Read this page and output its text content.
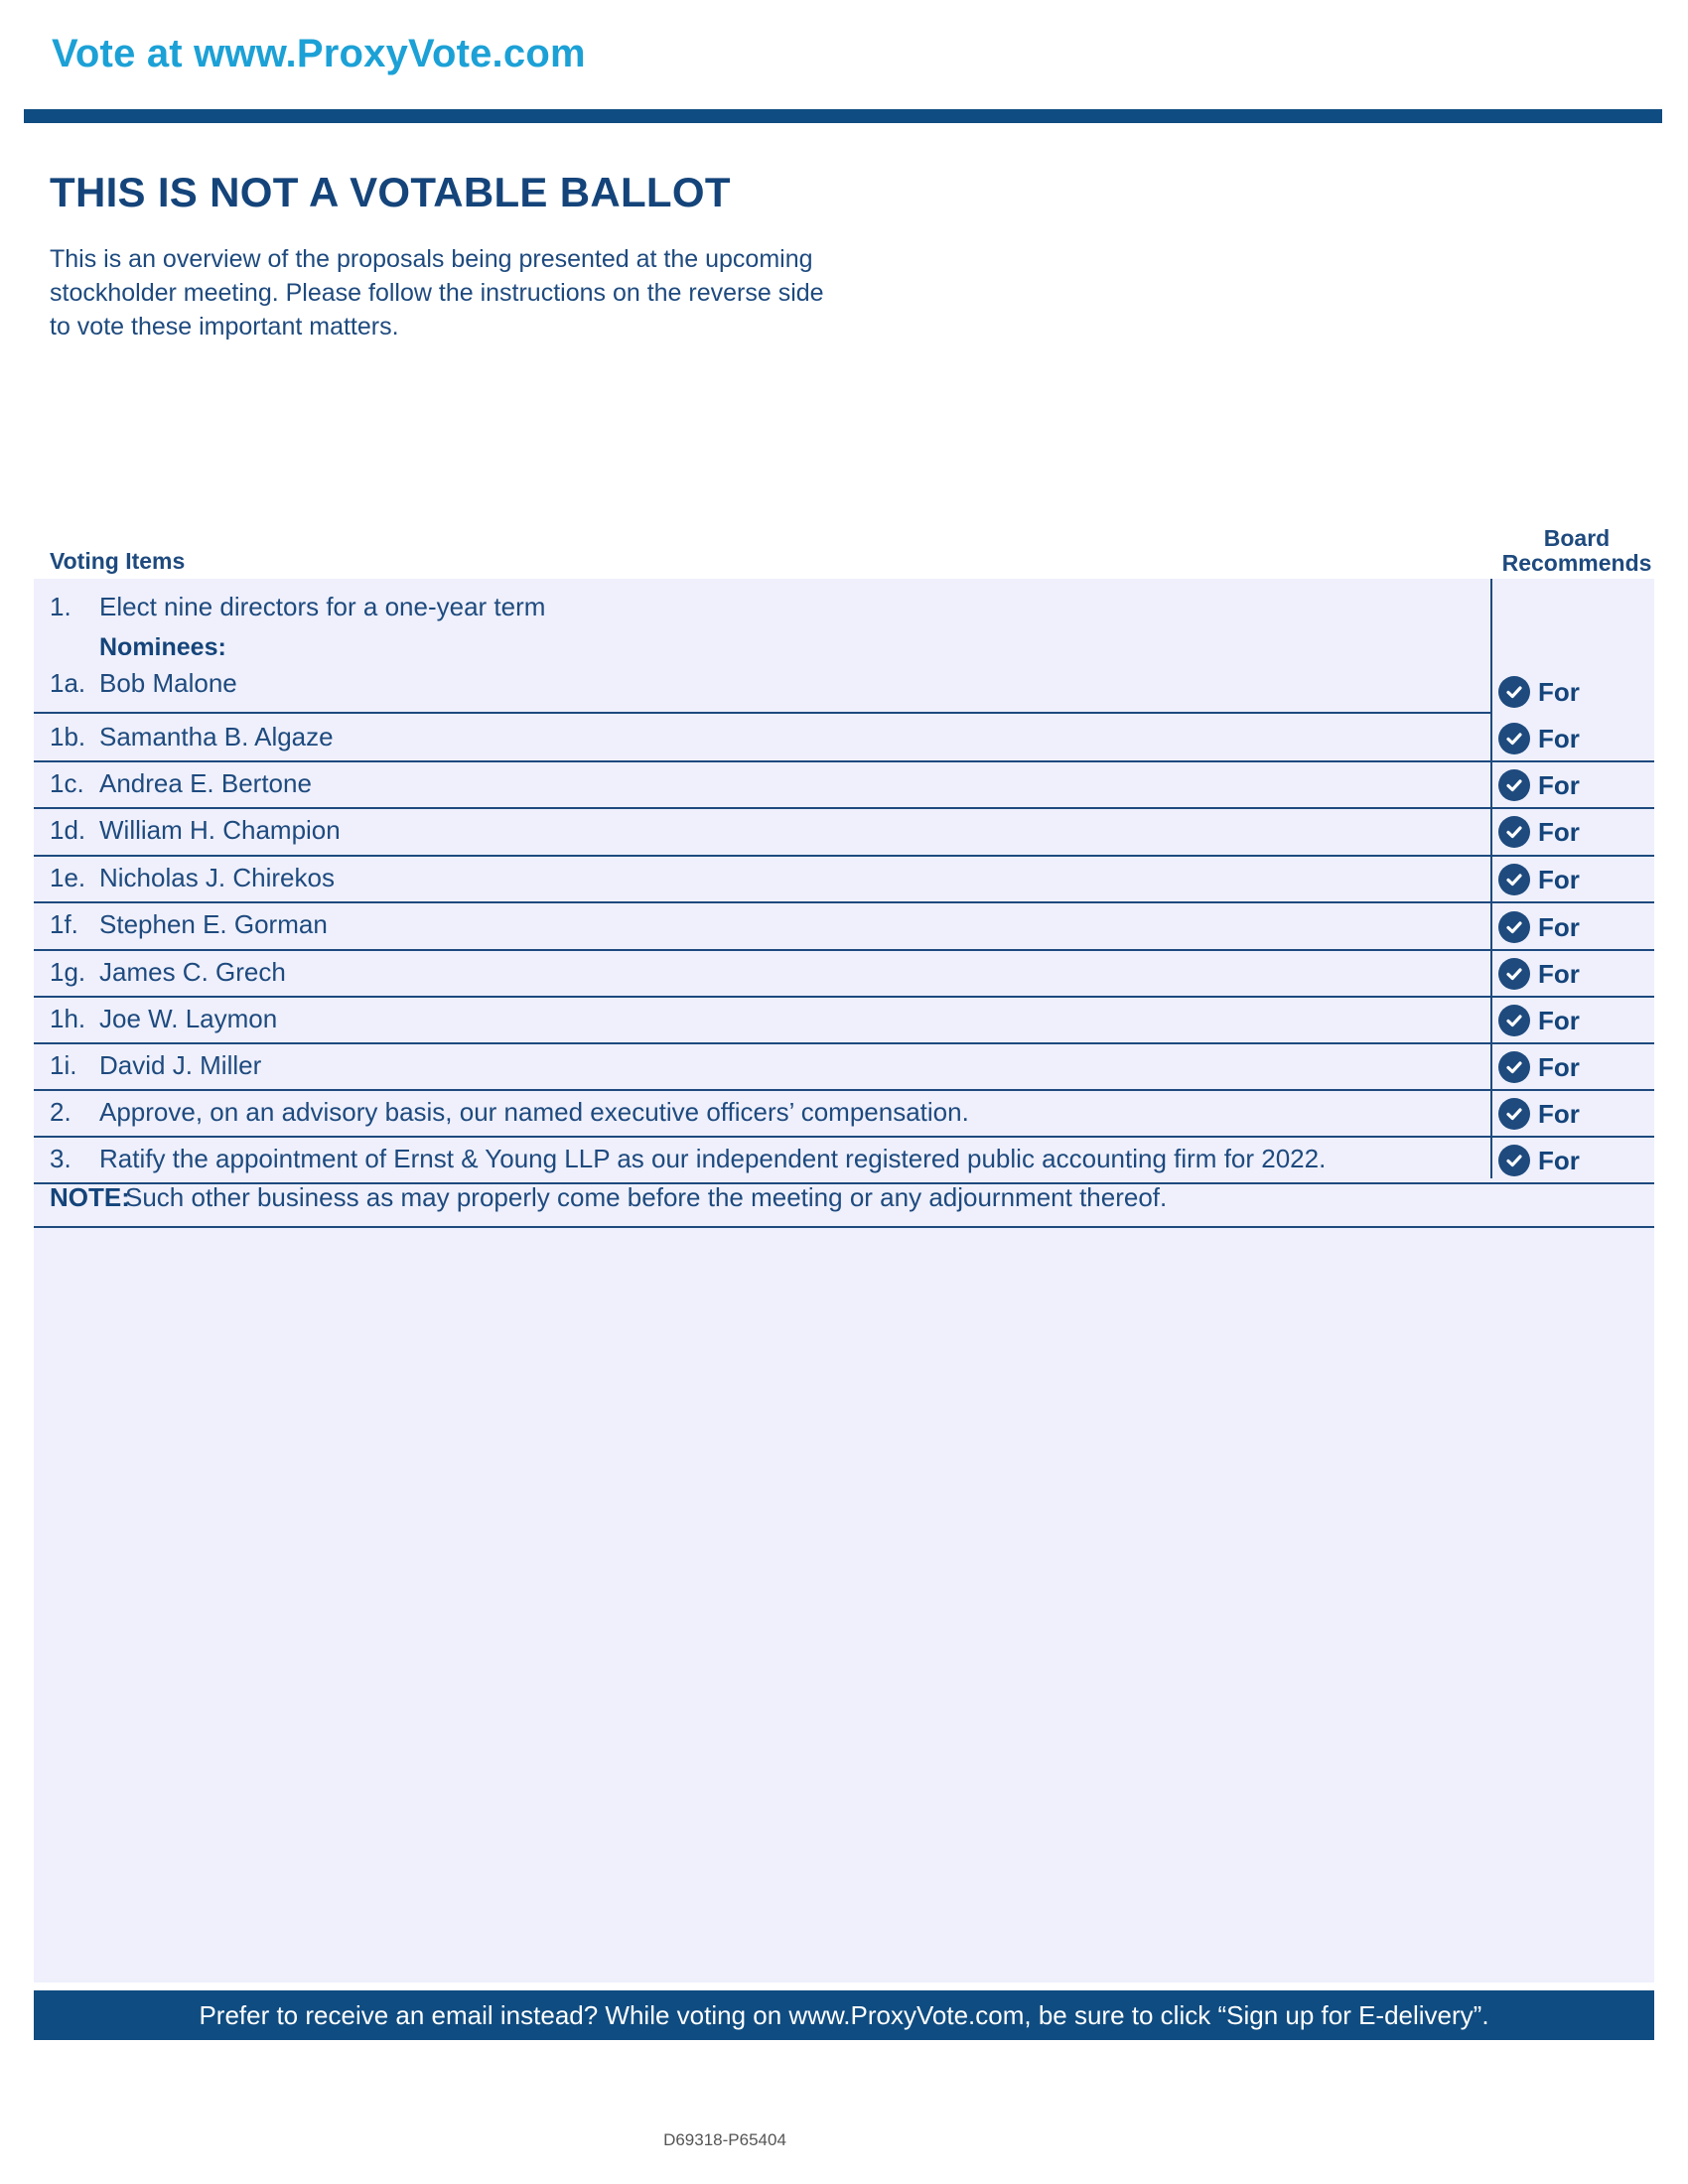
Vote at www.ProxyVote.com
THIS IS NOT A VOTABLE BALLOT

This is an overview of the proposals being presented at the upcoming stockholder meeting. Please follow the instructions on the reverse side to vote these important matters.

Voting Items
Board
Recommends
1. Elect nine directors for a one-year term
Nominees:
1a. Bob Malone
1b. Samantha B. Algaze
1c. Andrea E. Bertone
1d. William H. Champion
1e. Nicholas J. Chirekos
1f. Stephen E. Gorman
1g. James C. Grech
1h. Joe W. Laymon
1i. David J. Miller
2. Approve, on an advisory basis, our named executive officers’ compensation.
3. Ratify the appointment of Ernst & Young LLP as our independent registered public accounting firm for 2022.
For
For
For
For
For
For
For
For
For
For
For
NOTE:
Such other business as may properly come before the meeting or any adjournment thereof.
Prefer to receive an email instead? While voting on www.ProxyVote.com, be sure to click “Sign up for E-delivery”.
D69318-P65404
